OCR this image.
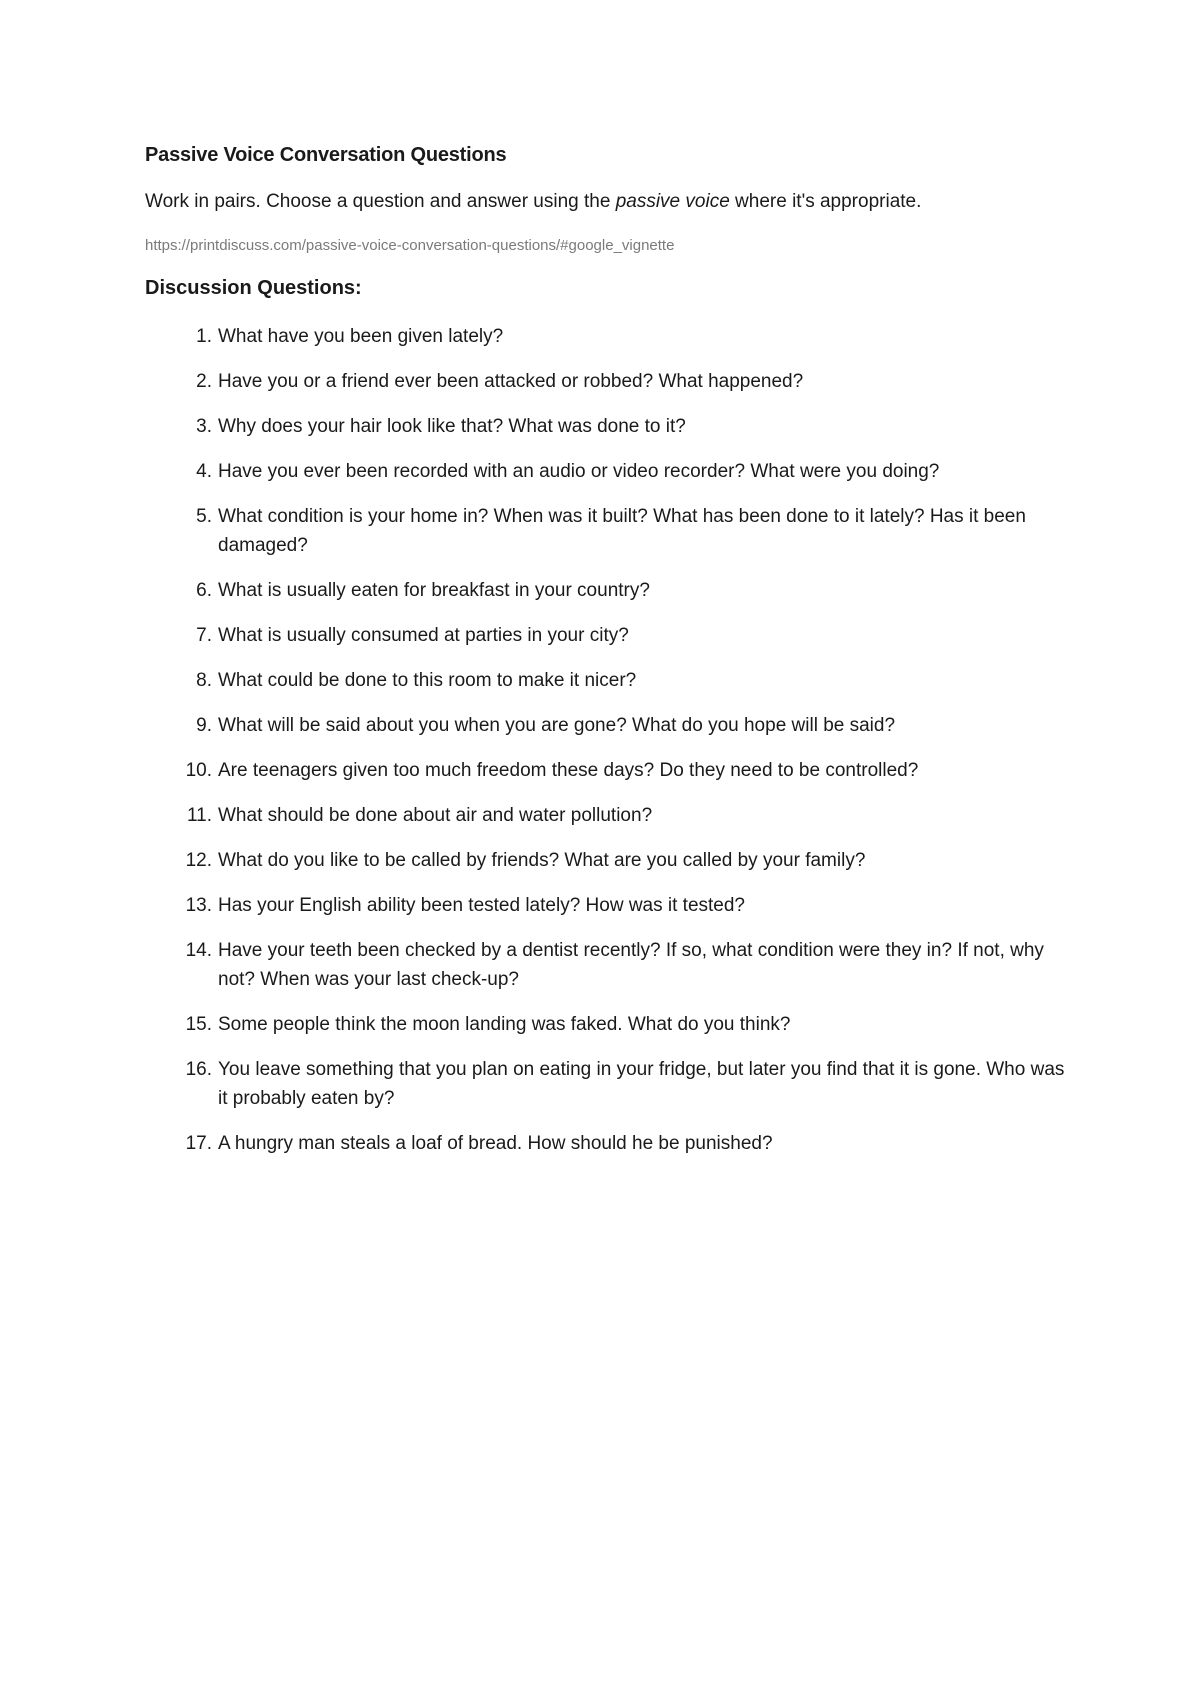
Passive Voice Conversation Questions
Work in pairs. Choose a question and answer using the passive voice where it's appropriate.
https://printdiscuss.com/passive-voice-conversation-questions/#google_vignette
Discussion Questions:
1. What have you been given lately?
2. Have you or a friend ever been attacked or robbed? What happened?
3. Why does your hair look like that? What was done to it?
4. Have you ever been recorded with an audio or video recorder? What were you doing?
5. What condition is your home in? When was it built? What has been done to it lately? Has it been damaged?
6. What is usually eaten for breakfast in your country?
7. What is usually consumed at parties in your city?
8. What could be done to this room to make it nicer?
9. What will be said about you when you are gone? What do you hope will be said?
10. Are teenagers given too much freedom these days? Do they need to be controlled?
11. What should be done about air and water pollution?
12. What do you like to be called by friends? What are you called by your family?
13. Has your English ability been tested lately? How was it tested?
14. Have your teeth been checked by a dentist recently? If so, what condition were they in? If not, why not? When was your last check-up?
15. Some people think the moon landing was faked. What do you think?
16. You leave something that you plan on eating in your fridge, but later you find that it is gone. Who was it probably eaten by?
17. A hungry man steals a loaf of bread. How should he be punished?
